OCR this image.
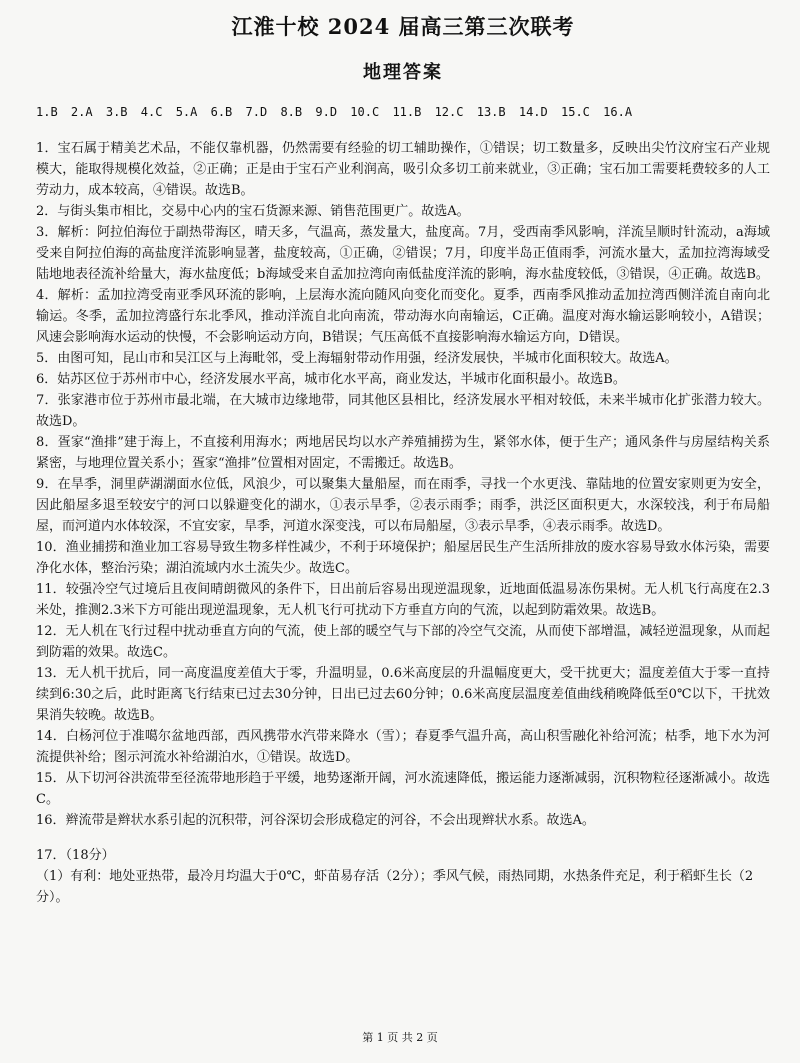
江淮十校 2024 届高三第三次联考
地理答案
1.B 2.A 3.B 4.C 5.A 6.B 7.D 8.B 9.D 10.C 11.B 12.C 13.B 14.D 15.C 16.A

1．宝石属于精美艺术品，不能仅靠机器，仍然需要有经验的切工辅助操作，①错误；切工数量多，反映出尖竹汶府宝石产业规模大，能取得规模化效益，②正确；正是由于宝石产业利润高，吸引众多切工前来就业，③正确；宝石加工需要耗费较多的人工劳动力，成本较高，④错误。故选B。

2．与街头集市相比，交易中心内的宝石货源来源、销售范围更广。故选A。

3．解析：阿拉伯海位于副热带海区，晴天多，气温高，蒸发量大，盐度高。7月，受西南季风影响，洋流呈顺时针流动，a海域受来自阿拉伯海的高盐度洋流影响显著，盐度较高，①正确，②错误；7月，印度半岛正值雨季，河流水量大，孟加拉湾海域受陆地地表径流补给量大，海水盐度低；b海域受来自孟加拉湾向南低盐度洋流的影响，海水盐度较低，③错误，④正确。故选B。

4．解析：孟加拉湾受南亚季风环流的影响，上层海水流向随风向变化而变化。夏季，西南季风推动孟加拉湾西侧洋流自南向北输运。冬季，孟加拉湾盛行东北季风，推动洋流自北向南流，带动海水向南输运，C正确。温度对海水输运影响较小，A错误；风速会影响海水运动的快慢，不会影响运动方向，B错误；气压高低不直接影响海水输运方向，D错误。

5．由图可知，昆山市和吴江区与上海毗邻，受上海辐射带动作用强，经济发展快，半城市化面积较大。故选A。

6．姑苏区位于苏州市中心，经济发展水平高，城市化水平高，商业发达，半城市化面积最小。故选B。

7．张家港市位于苏州市最北端，在大城市边缘地带，同其他区县相比，经济发展水平相对较低，未来半城市化扩张潜力较大。故选D。

8．疍家“渔排”建于海上，不直接利用海水；两地居民均以水产养殖捕捞为生，紧邻水体，便于生产；通风条件与房屋结构关系紧密，与地理位置关系小；疍家“渔排”位置相对固定，不需搬迁。故选B。

9．在旱季，洞里萨湖湖面水位低，风浪少，可以聚集大量船屋，而在雨季，寻找一个水更浅、靠陆地的位置安家则更为安全，因此船屋多退至较安宁的河口以躲避变化的湖水，①表示旱季，②表示雨季；雨季，洪泛区面积更大，水深较浅，利于布局船屋，而河道内水体较深，不宜安家，旱季，河道水深变浅，可以布局船屋，③表示旱季，④表示雨季。故选D。

10．渔业捕捞和渔业加工容易导致生物多样性减少，不利于环境保护；船屋居民生产生活所排放的废水容易导致水体污染，需要净化水体，整治污染；湖泊流域内水土流失少。故选C。

11．较强冷空气过境后且夜间晴朗微风的条件下，日出前后容易出现逆温现象，近地面低温易冻伤果树。无人机飞行高度在2.3米处，推测2.3米下方可能出现逆温现象，无人机飞行可扰动下方垂直方向的气流，以起到防霜效果。故选B。

12．无人机在飞行过程中扰动垂直方向的气流，使上部的暖空气与下部的冷空气交流，从而使下部增温，减轻逆温现象，从而起到防霜的效果。故选C。

13．无人机干扰后，同一高度温度差值大于零，升温明显，0.6米高度层的升温幅度更大，受干扰更大；温度差值大于零一直持续到6:30之后，此时距离飞行结束已过去30分钟，日出已过去60分钟；0.6米高度层温度差值曲线稍晚降低至0℃以下，干扰效果消失较晚。故选B。

14．白杨河位于准噶尔盆地西部，西风携带水汽带来降水（雪）；春夏季气温升高，高山积雪融化补给河流；枯季，地下水为河流提供补给；图示河流水补给湖泊水，①错误。故选D。

15．从下切河谷洪流带至径流带地形趋于平缓，地势逐渐开阔，河水流速降低，搬运能力逐渐减弱，沉积物粒径逐渐减小。故选C。

16．辫流带是辫状水系引起的沉积带，河谷深切会形成稳定的河谷，不会出现辫状水系。故选A。

17．（18分）

（1）有利：地处亚热带，最冷月均温大于0℃，虾苗易存活（2分）；季风气候，雨热同期，水热条件充足，利于稻虾生长（2分）。

第 1 页 共 2 页
